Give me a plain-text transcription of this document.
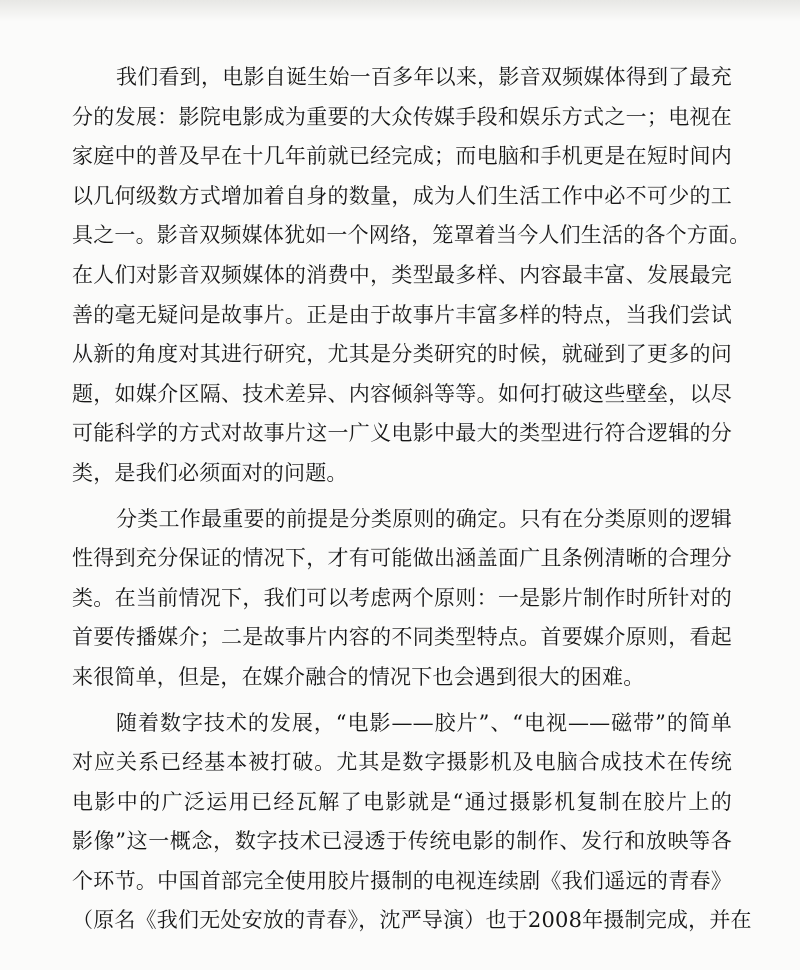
我们看到，电影自诞生始一百多年以来，影音双频媒体得到了最充
分的发展：影院电影成为重要的大众传媒手段和娱乐方式之一；电视在
家庭中的普及早在十几年前就已经完成；而电脑和手机更是在短时间内
以几何级数方式增加着自身的数量，成为人们生活工作中必不可少的工
具之一。影音双频媒体犹如一个网络，笼罩着当今人们生活的各个方面。
在人们对影音双频媒体的消费中，类型最多样、内容最丰富、发展最完
善的毫无疑问是故事片。正是由于故事片丰富多样的特点，当我们尝试
从新的角度对其进行研究，尤其是分类研究的时候，就碰到了更多的问
题，如媒介区隔、技术差异、内容倾斜等等。如何打破这些壁垒，以尽
可能科学的方式对故事片这一广义电影中最大的类型进行符合逻辑的分
类，是我们必须面对的问题。
分类工作最重要的前提是分类原则的确定。只有在分类原则的逻辑
性得到充分保证的情况下，才有可能做出涵盖面广且条例清晰的合理分
类。在当前情况下，我们可以考虑两个原则：一是影片制作时所针对的
首要传播媒介；二是故事片内容的不同类型特点。首要媒介原则，看起
来很简单，但是，在媒介融合的情况下也会遇到很大的困难。
随着数字技术的发展，“电影——胶片”、“电视——磁带”的简单
对应关系已经基本被打破。尤其是数字摄影机及电脑合成技术在传统
电影中的广泛运用已经瓦解了电影就是“通过摄影机复制在胶片上的
影像”这一概念，数字技术已浸透于传统电影的制作、发行和放映等各
个环节。中国首部完全使用胶片摄制的电视连续剧《我们遥远的青春》
（原名《我们无处安放的青春》，沈严导演）也于2008年摄制完成，并在
